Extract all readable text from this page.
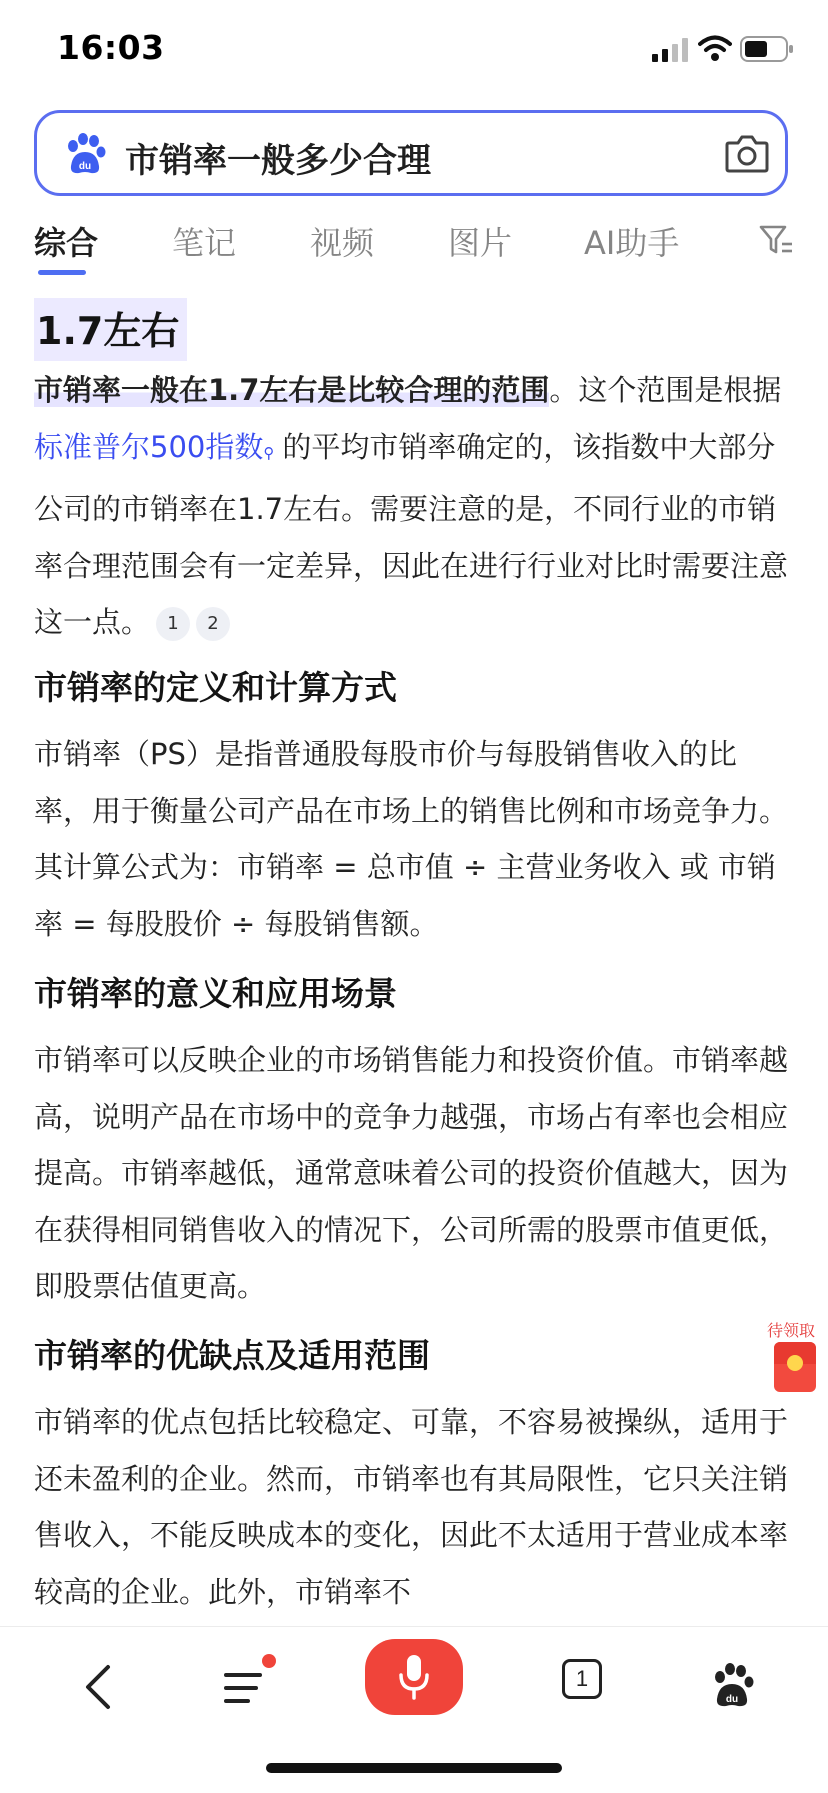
16:03
du 市销率一般多少合理
综合 笔记 视频 图片 AI助手
1.7左右
市销率一般在1.7左右是比较合理的范围。这个范围是根据标准普尔500指数⚲ 的平均市销率确定的，该指数中大部分公司的市销率在1.7左右。需要注意的是，不同行业的市销率合理范围会有一定差异，因此在进行行业对比时需要注意这一点。 1 2
市销率的定义和计算方式
市销率（PS）是指普通股每股市价与每股销售收入的比率，用于衡量公司产品在市场上的销售比例和市场竞争力。其计算公式为：市销率 = 总市值 ÷ 主营业务收入 或 市销率 = 每股股价 ÷ 每股销售额。
市销率的意义和应用场景
市销率可以反映企业的市场销售能力和投资价值。市销率越高，说明产品在市场中的竞争力越强，市场占有率也会相应提高。市销率越低，通常意味着公司的投资价值越大，因为在获得相同销售收入的情况下，公司所需的股票市值更低，即股票估值更高。
市销率的优缺点及适用范围
市销率的优点包括比较稳定、可靠，不容易被操纵，适用于还未盈利的企业。然而，市销率也有其局限性，它只关注销售收入，不能反映成本的变化，因此不太适用于营业成本率较高的企业。此外，市销率不
待领取
1
du
